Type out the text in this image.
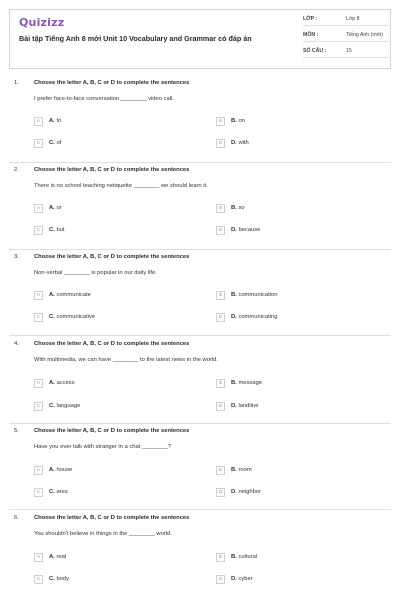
Quizizz
Bài tập Tiếng Anh 8 mới Unit 10 Vocabulary and Grammar có đáp án
LỚP :	Lớp 8
MÔN :	Tiếng Anh (mới)
SỐ CÂU :	15
1.	Choose the letter A, B, C or D to complete the sentences
I prefer face-to-face conversation ________ video call.
A	A. to	B	B. on
C	C. of	D	D. with
2.	Choose the letter A, B, C or D to complete the sentences
There is no school teaching netiquette ________ we should learn it.
A	A. or	B	B. so
C	C. but	D	D. because
3.	Choose the letter A, B, C or D to complete the sentences
Non-verbal ________ is popular in our daily life.
A	A. communicate	B	B. communication
C	C. communicative	D	D. communicating
4.	Choose the letter A, B, C or D to complete the sentences
With multimedia, we can have ________ to the latest news in the world.
A	A. access	B	B. message
C	C. language	D	D. landline
5.	Choose the letter A, B, C or D to complete the sentences
Have you ever talk with stranger in a chat ________?
A	A. house	B	B. room
C	C. ares	D	D. neighbor
6.	Choose the letter A, B, C or D to complete the sentences
You shouldn't believe in things in the ________ world.
A	A. real	B	B. cultural
C	C. body	D	D. cyber
